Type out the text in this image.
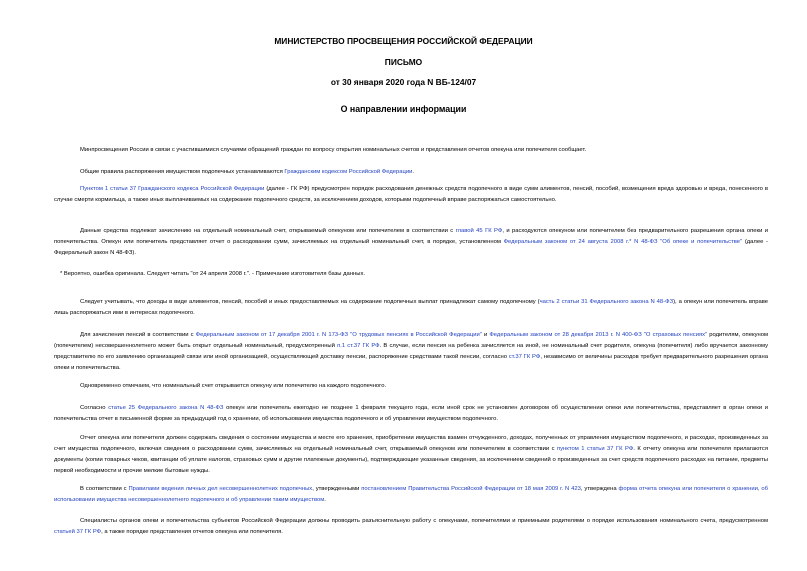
МИНИСТЕРСТВО ПРОСВЕЩЕНИЯ РОССИЙСКОЙ ФЕДЕРАЦИИ
ПИСЬМО
от 30 января 2020 года N ВБ-124/07
О направлении информации

Минпросвещения России в связи с участившимися случаями обращений граждан по вопросу открытия номинальных счетов и представления отчетов опекуна или попечителя сообщает.

Общие правила распоряжения имуществом подопечных устанавливаются Гражданским кодексом Российской Федерации.

Пунктом 1 статьи 37 Гражданского кодекса Российской Федерации (далее - ГК РФ) предусмотрен порядок расходования денежных средств подопечного в виде сумм алиментов, пенсий, пособий, возмещения вреда здоровью и вреда, понесенного в случае смерти кормильца, а также иных выплачиваемых на содержание подопечного средств, за исключением доходов, которыми подопечный вправе распоряжаться самостоятельно.

Данные средства подлежат зачислению на отдельный номинальный счет, открываемый опекуном или попечителем в соответствии с главой 45 ГК РФ, и расходуются опекуном или попечителем без предварительного разрешения органа опеки и попечительства. Опекун или попечитель представляет отчет о расходовании сумм, зачисляемых на отдельный номинальный счет, в порядке, установленном Федеральным законом от 24 августа 2008 г.* N 48-ФЗ "Об опеке и попечительстве" (далее - Федеральный закон N 48-ФЗ).

* Вероятно, ошибка оригинала. Следует читать "от 24 апреля 2008 г.". - Примечание изготовителя базы данных.

Следует учитывать, что доходы в виде алиментов, пенсий, пособий и иных предоставляемых на содержание подопечных выплат принадлежат самому подопечному (часть 2 статьи 31 Федерального закона N 48-ФЗ), а опекун или попечитель вправе лишь распоряжаться ими в интересах подопечного.

Для зачисления пенсий в соответствии с Федеральным законом от 17 декабря 2001 г. N 173-ФЗ "О трудовых пенсиях в Российской Федерации" и Федеральным законом от 28 декабря 2013 г. N 400-ФЗ "О страховых пенсиях" родителям, опекуном (попечителем) несовершеннолетнего может быть открыт отдельный номинальный, предусмотренный п.1 ст.37 ГК РФ. В случае, если пенсия на ребенка зачисляется на иной, не номинальный счет родителя, опекуна (попечителя) либо вручается законному представителю по его заявлению организацией связи или иной организацией, осуществляющей доставку пенсии, распоряжение средствами такой пенсии, согласно ст.37 ГК РФ, независимо от величины расходов требует предварительного разрешения органа опеки и попечительства.

Одновременно отмечаем, что номинальный счет открывается опекуну или попечителю на каждого подопечного.

Согласно статье 25 Федерального закона N 48-ФЗ опекун или попечитель ежегодно не позднее 1 февраля текущего года, если иной срок не установлен договором об осуществлении опеки или попечительства, представляет в орган опеки и попечительства отчет в письменной форме за предыдущий год о хранении, об использовании имущества подопечного и об управлении имуществом подопечного.

Отчет опекуна или попечителя должен содержать сведения о состоянии имущества и месте его хранения, приобретении имущества взамен отчужденного, доходах, полученных от управления имуществом подопечного, и расходах, произведенных за счет имущества подопечного, включая сведения о расходовании сумм, зачисляемых на отдельный номинальный счет, открываемый опекуном или попечителем в соответствии с пунктом 1 статьи 37 ГК РФ. К отчету опекуна или попечителя прилагаются документы (копии товарных чеков, квитанции об уплате налогов, страховых сумм и другие платежные документы), подтверждающие указанные сведения, за исключением сведений о произведенных за счет средств подопечного расходах на питание, предметы первой необходимости и прочие мелкие бытовые нужды.

В соответствии с Правилами ведения личных дел несовершеннолетних подопечных, утвержденными постановлением Правительства Российской Федерации от 18 мая 2009 г. N 423, утверждена форма отчета опекуна или попечителя о хранении, об использовании имущества несовершеннолетнего подопечного и об управлении таким имуществом.

Специалисты органов опеки и попечительства субъектов Российской Федерации должны проводить разъяснительную работу с опекунами, попечителями и приемными родителями о порядке использования номинального счета, предусмотренном статьей 37 ГК РФ, а также порядке представления отчетов опекуна или попечителя.
